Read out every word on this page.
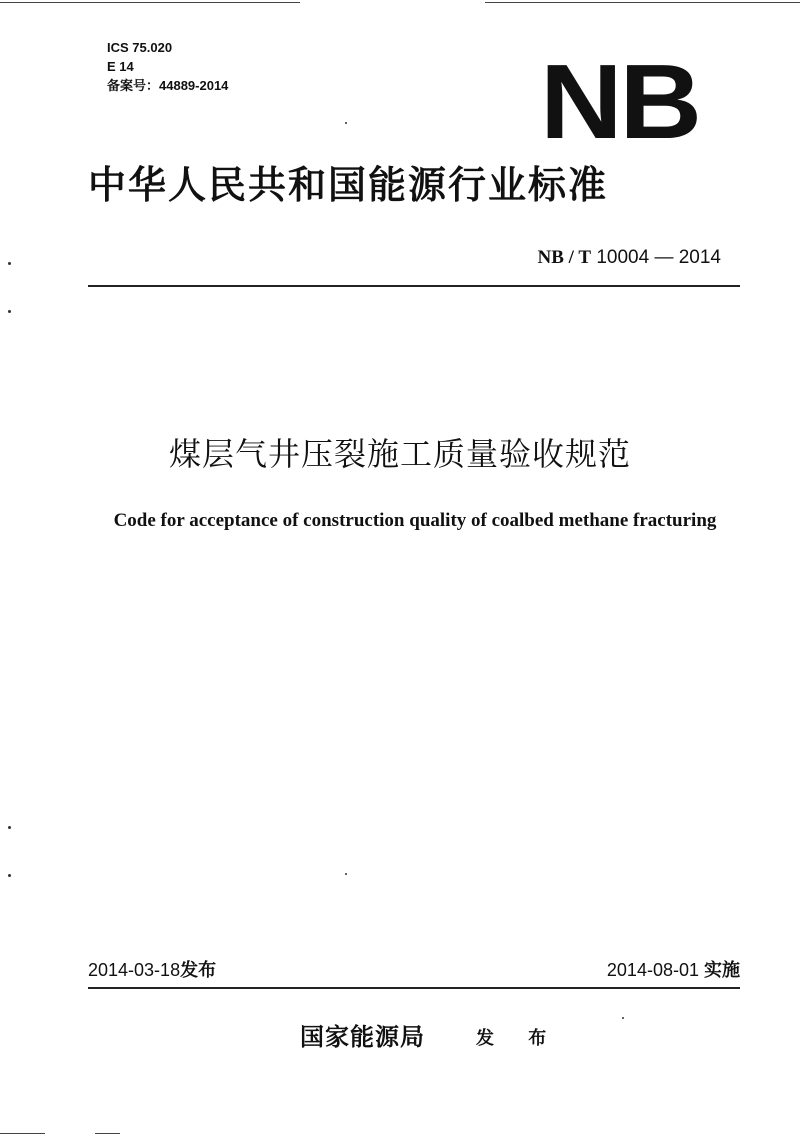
ICS 75.020
E 14
备案号：44889-2014	NB
中华人民共和国能源行业标准
NB / T 10004 — 2014
煤层气井压裂施工质量验收规范
Code for acceptance of construction quality of coalbed methane fracturing
2014-03-18发布	2014-08-01 实施
国家能源局	发 布
